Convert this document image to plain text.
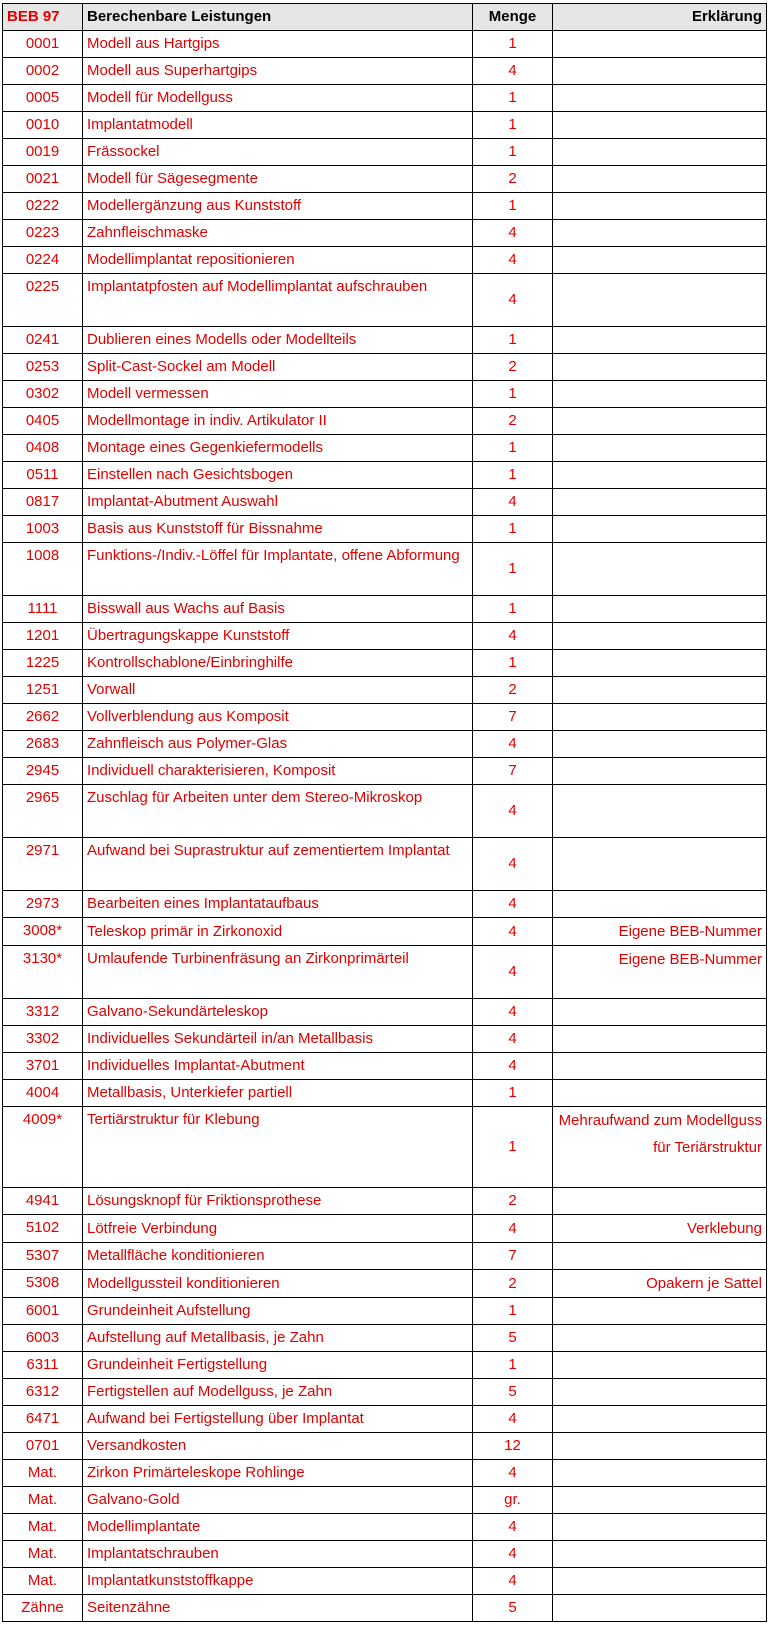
BEB 97	Berechenbare Leistungen	Menge	Erklärung
0001	Modell aus Hartgips	1	
0002	Modell aus Superhartgips	4	
0005	Modell für Modellguss	1	
0010	Implantatmodell	1	
0019	Frässockel	1	
0021	Modell für Sägesegmente	2	
0222	Modellergänzung aus Kunststoff	1	
0223	Zahnfleischmaske	4	
0224	Modellimplantat repositionieren	4	
0225	Implantatpfosten auf Modellimplantat aufschrauben	4	
0241	Dublieren eines Modells oder Modellteils	1	
0253	Split-Cast-Sockel am Modell	2	
0302	Modell vermessen	1	
0405	Modellmontage in indiv. Artikulator II	2	
0408	Montage eines Gegenkiefermodells	1	
0511	Einstellen nach Gesichtsbogen	1	
0817	Implantat-Abutment Auswahl	4	
1003	Basis aus Kunststoff für Bissnahme	1	
1008	Funktions-/Indiv.-Löffel für Implantate, offene Abformung	1	
1111	Bisswall aus Wachs auf Basis	1	
1201	Übertragungskappe Kunststoff	4	
1225	Kontrollschablone/Einbringhilfe	1	
1251	Vorwall	2	
2662	Vollverblendung aus Komposit	7	
2683	Zahnfleisch aus Polymer-Glas	4	
2945	Individuell charakterisieren, Komposit	7	
2965	Zuschlag für Arbeiten unter dem Stereo-Mikroskop	4	
2971	Aufwand bei Suprastruktur auf zementiertem Implantat	4	
2973	Bearbeiten eines Implantataufbaus	4	
3008*	Teleskop primär in Zirkonoxid	4	Eigene BEB-Nummer
3130*	Umlaufende Turbinenfräsung an Zirkonprimärteil	4	Eigene BEB-Nummer
3312	Galvano-Sekundärteleskop	4	
3302	Individuelles Sekundärteil in/an Metallbasis	4	
3701	Individuelles Implantat-Abutment	4	
4004	Metallbasis, Unterkiefer partiell	1	
4009*	Tertiärstruktur für Klebung	1	Mehraufwand zum Modellguss für Teriärstruktur
4941	Lösungsknopf für Friktionsprothese	2	
5102	Lötfreie Verbindung	4	Verklebung
5307	Metallfläche konditionieren	7	
5308	Modellgussteil konditionieren	2	Opakern je Sattel
6001	Grundeinheit Aufstellung	1	
6003	Aufstellung auf Metallbasis, je Zahn	5	
6311	Grundeinheit Fertigstellung	1	
6312	Fertigstellen auf Modellguss, je Zahn	5	
6471	Aufwand bei Fertigstellung über Implantat	4	
0701	Versandkosten	12	
Mat.	Zirkon Primärteleskope Rohlinge	4	
Mat.	Galvano-Gold	gr.	
Mat.	Modellimplantate	4	
Mat.	Implantatschrauben	4	
Mat.	Implantatkunststoffkappe	4	
Zähne	Seitenzähne	5	
